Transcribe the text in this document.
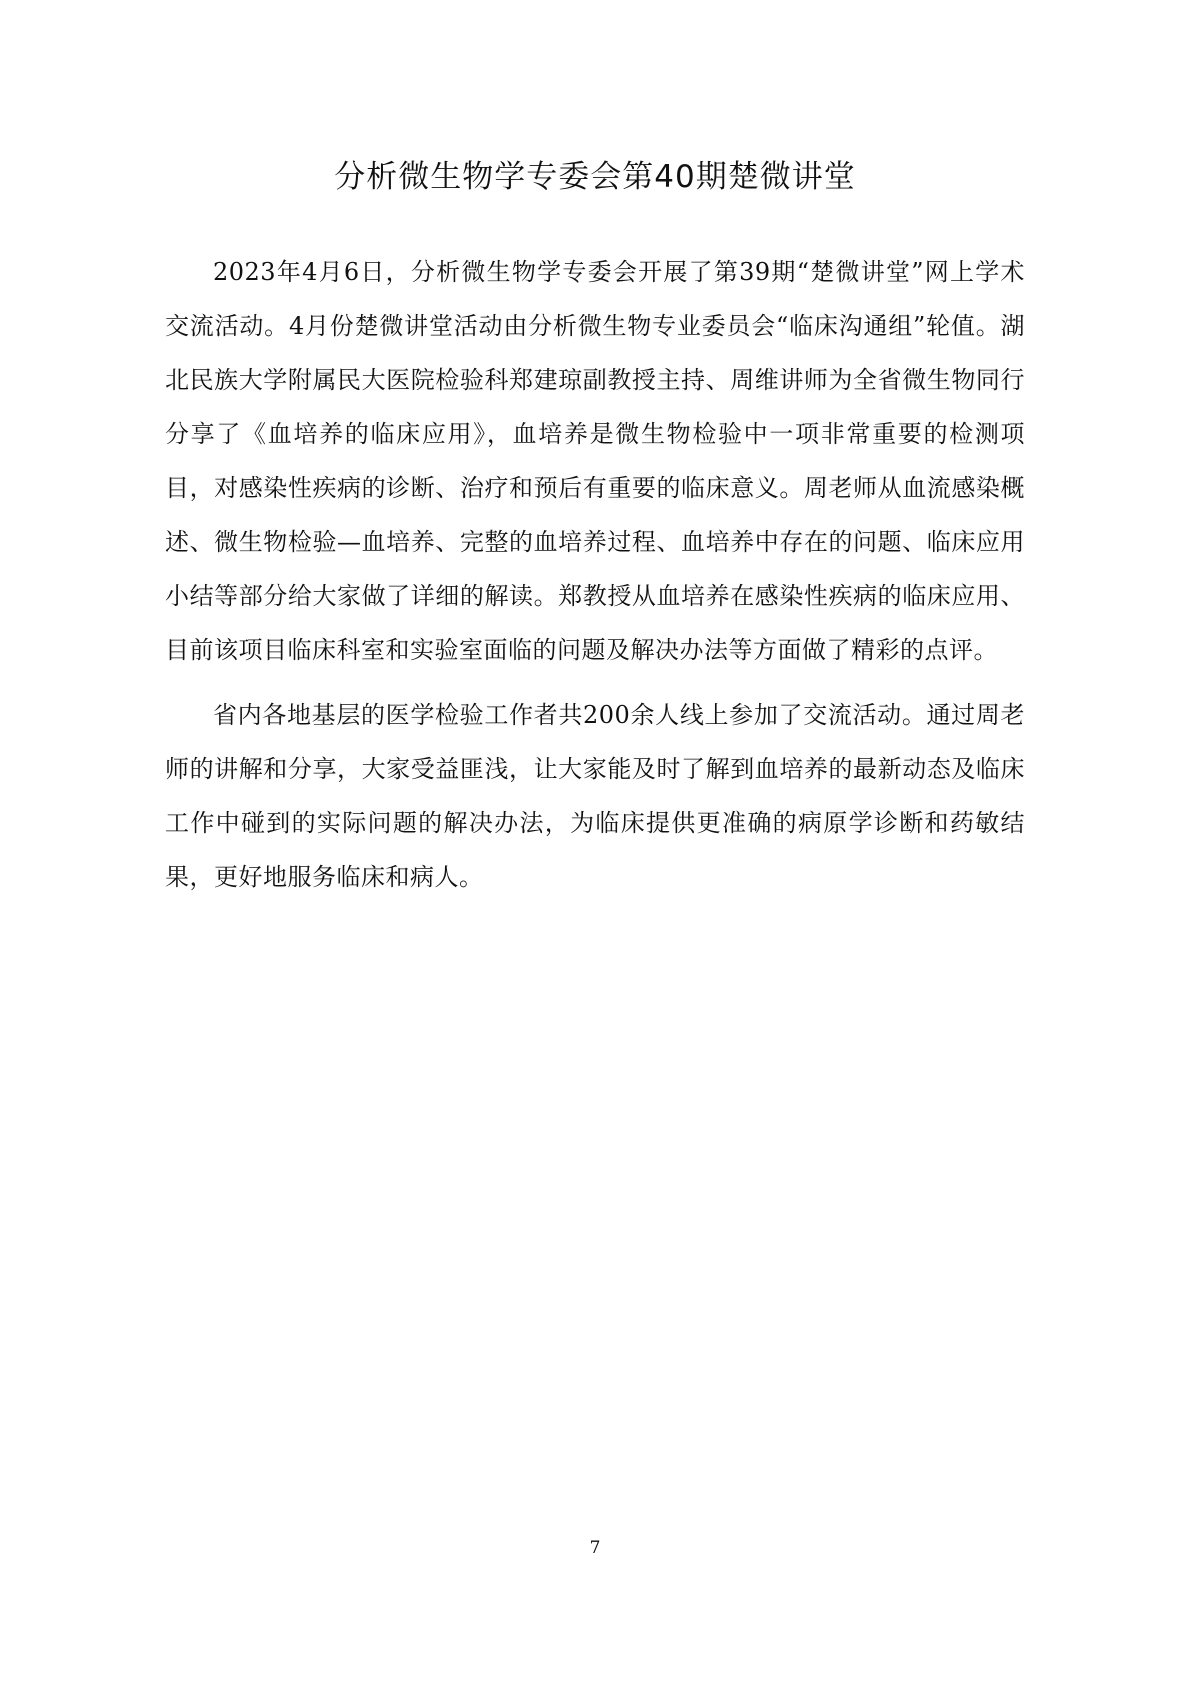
分析微生物学专委会第40期楚微讲堂

2023年4月6日，分析微生物学专委会开展了第39期“楚微讲堂”网上学术交流活动。4月份楚微讲堂活动由分析微生物专业委员会“临床沟通组”轮值。湖北民族大学附属民大医院检验科郑建琼副教授主持、周维讲师为全省微生物同行分享了《血培养的临床应用》，血培养是微生物检验中一项非常重要的检测项目，对感染性疾病的诊断、治疗和预后有重要的临床意义。周老师从血流感染概述、微生物检验—血培养、完整的血培养过程、血培养中存在的问题、临床应用小结等部分给大家做了详细的解读。郑教授从血培养在感染性疾病的临床应用、目前该项目临床科室和实验室面临的问题及解决办法等方面做了精彩的点评。

省内各地基层的医学检验工作者共200余人线上参加了交流活动。通过周老师的讲解和分享，大家受益匪浅，让大家能及时了解到血培养的最新动态及临床工作中碰到的实际问题的解决办法，为临床提供更准确的病原学诊断和药敏结果，更好地服务临床和病人。

7
